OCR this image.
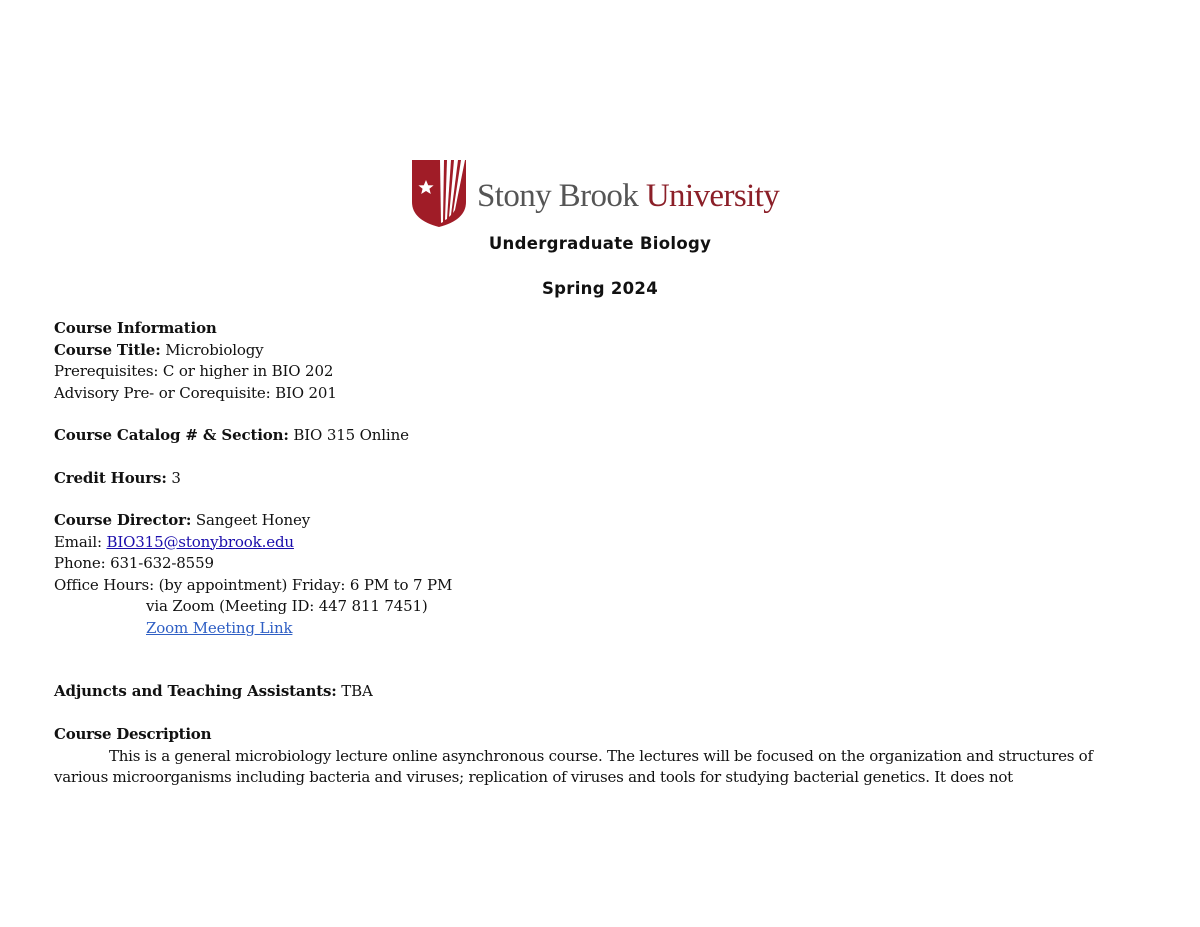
Stony Brook University
Undergraduate Biology
Spring 2024
Course Information
Course Title: Microbiology
Prerequisites: C or higher in BIO 202
Advisory Pre- or Corequisite: BIO 201
Course Catalog # & Section: BIO 315 Online
Credit Hours: 3
Course Director: Sangeet Honey
Email: BIO315@stonybrook.edu
Phone: 631-632-8559
Office Hours: (by appointment) Friday: 6 PM to 7 PM
via Zoom (Meeting ID: 447 811 7451)
Zoom Meeting Link
Adjuncts and Teaching Assistants: TBA
Course Description
This is a general microbiology lecture online asynchronous course. The lectures will be focused on the organization and structures of
various microorganisms including bacteria and viruses; replication of viruses and tools for studying bacterial genetics. It does not
